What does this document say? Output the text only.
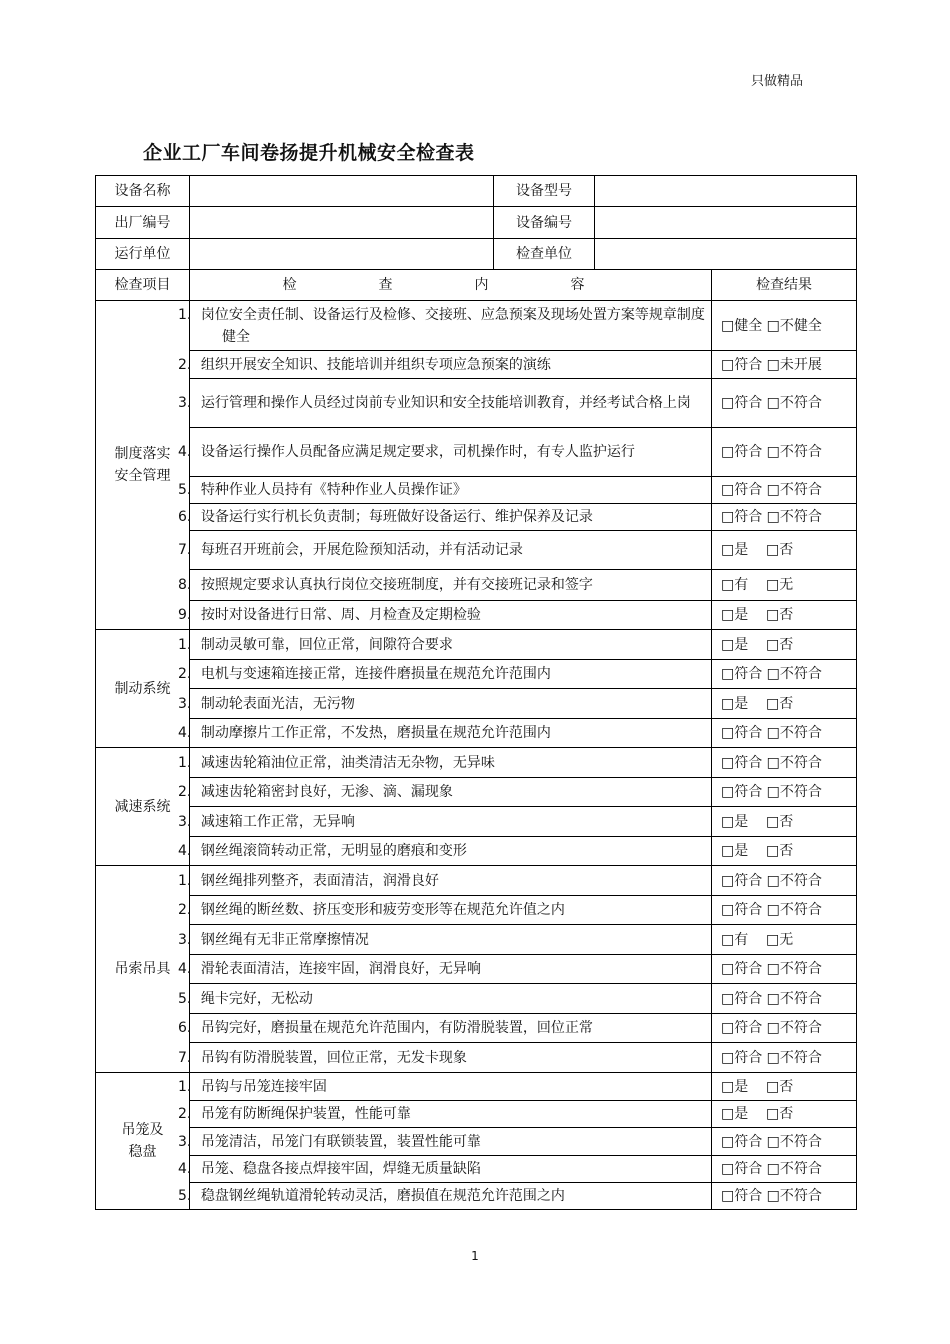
只做精品
企业工厂车间卷扬提升机械安全检查表
设备名称		设备型号		
出厂编号		设备编号		
运行单位		检查单位		
检查项目	检　查　内　容			检查结果
制度落实
安全管理	1．岗位安全责任制、设备运行及检修、交接班、应急预案及现场处置方案等规章制度健全			□健全 □不健全

	2．组织开展安全知识、技能培训并组织专项应急预案的演练			□符合 □未开展

	3．运行管理和操作人员经过岗前专业知识和安全技能培训教育，并经考试合格上岗			□符合 □不符合

	4．设备运行操作人员配备应满足规定要求，司机操作时，有专人监护运行			□符合 □不符合

	5．特种作业人员持有《特种作业人员操作证》			□符合 □不符合

	6．设备运行实行机长负责制；每班做好设备运行、维护保养及记录			□符合 □不符合

	7．每班召开班前会，开展危险预知活动，并有活动记录			□是    □否

	8．按照规定要求认真执行岗位交接班制度，并有交接班记录和签字			□有    □无

	9．按时对设备进行日常、周、月检查及定期检验			□是    □否
制动系统	1．制动灵敏可靠，回位正常，间隙符合要求			□是    □否

	2．电机与变速箱连接正常，连接件磨损量在规范允许范围内			□符合 □不符合

	3．制动轮表面光洁，无污物			□是    □否

	4．制动摩擦片工作正常，不发热，磨损量在规范允许范围内			□符合 □不符合
减速系统	1．减速齿轮箱油位正常，油类清洁无杂物，无异味			□符合 □不符合

	2．减速齿轮箱密封良好，无渗、滴、漏现象			□符合 □不符合

	3．减速箱工作正常，无异响			□是    □否

	4．钢丝绳滚筒转动正常，无明显的磨痕和变形			□是    □否
吊索吊具	1．钢丝绳排列整齐，表面清洁，润滑良好			□符合 □不符合

	2．钢丝绳的断丝数、挤压变形和疲劳变形等在规范允许值之内			□符合 □不符合

	3．钢丝绳有无非正常摩擦情况			□有    □无

	4．滑轮表面清洁，连接牢固，润滑良好，无异响			□符合 □不符合

	5．绳卡完好，无松动			□符合 □不符合

	6．吊钩完好，磨损量在规范允许范围内，有防滑脱装置，回位正常			□符合 □不符合

	7．吊钩有防滑脱装置，回位正常，无发卡现象			□符合 □不符合
吊笼及
稳盘	1．吊钩与吊笼连接牢固			□是    □否

	2．吊笼有防断绳保护装置，性能可靠			□是    □否

	3．吊笼清洁，吊笼门有联锁装置，装置性能可靠			□符合 □不符合

	4．吊笼、稳盘各接点焊接牢固，焊缝无质量缺陷			□符合 □不符合

	5．稳盘钢丝绳轨道滑轮转动灵活，磨损值在规范允许范围之内			□符合 □不符合
1
